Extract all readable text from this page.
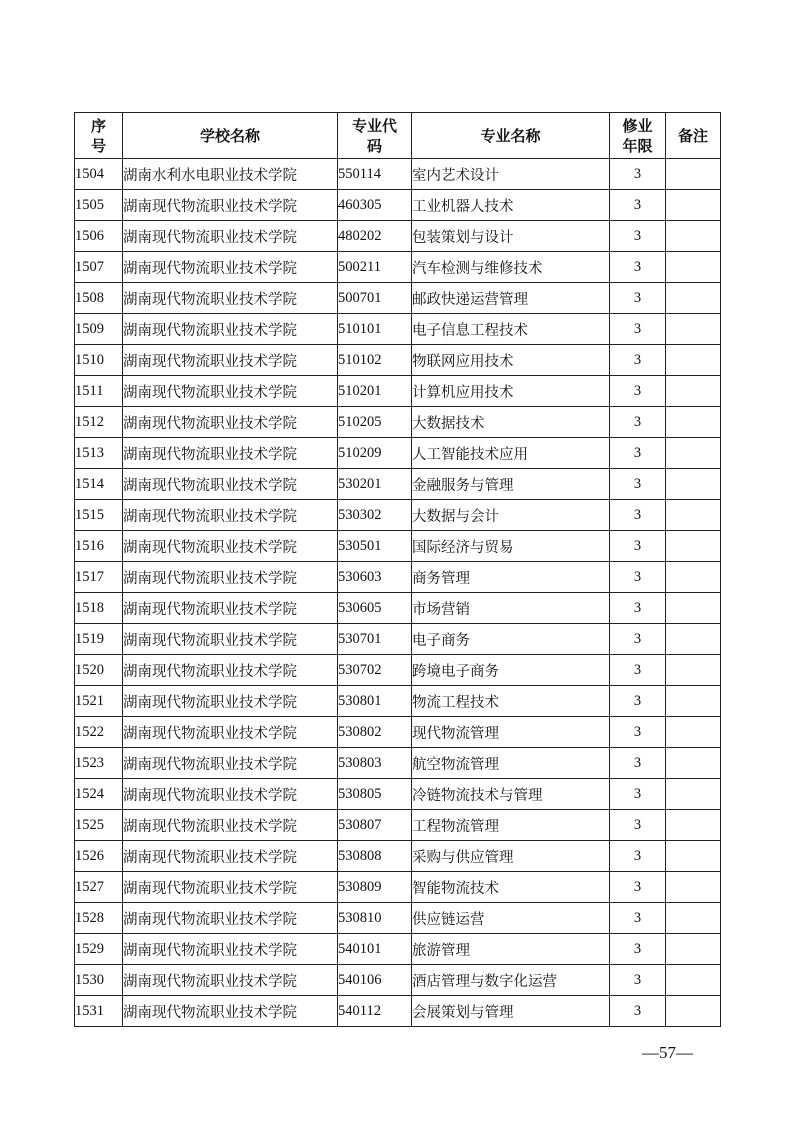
序号	学校名称	专业代码	专业名称	修业年限	备注
1504	湖南水利水电职业技术学院	550114	室内艺术设计	3	
1505	湖南现代物流职业技术学院	460305	工业机器人技术	3	
1506	湖南现代物流职业技术学院	480202	包装策划与设计	3	
1507	湖南现代物流职业技术学院	500211	汽车检测与维修技术	3	
1508	湖南现代物流职业技术学院	500701	邮政快递运营管理	3	
1509	湖南现代物流职业技术学院	510101	电子信息工程技术	3	
1510	湖南现代物流职业技术学院	510102	物联网应用技术	3	
1511	湖南现代物流职业技术学院	510201	计算机应用技术	3	
1512	湖南现代物流职业技术学院	510205	大数据技术	3	
1513	湖南现代物流职业技术学院	510209	人工智能技术应用	3	
1514	湖南现代物流职业技术学院	530201	金融服务与管理	3	
1515	湖南现代物流职业技术学院	530302	大数据与会计	3	
1516	湖南现代物流职业技术学院	530501	国际经济与贸易	3	
1517	湖南现代物流职业技术学院	530603	商务管理	3	
1518	湖南现代物流职业技术学院	530605	市场营销	3	
1519	湖南现代物流职业技术学院	530701	电子商务	3	
1520	湖南现代物流职业技术学院	530702	跨境电子商务	3	
1521	湖南现代物流职业技术学院	530801	物流工程技术	3	
1522	湖南现代物流职业技术学院	530802	现代物流管理	3	
1523	湖南现代物流职业技术学院	530803	航空物流管理	3	
1524	湖南现代物流职业技术学院	530805	冷链物流技术与管理	3	
1525	湖南现代物流职业技术学院	530807	工程物流管理	3	
1526	湖南现代物流职业技术学院	530808	采购与供应管理	3	
1527	湖南现代物流职业技术学院	530809	智能物流技术	3	
1528	湖南现代物流职业技术学院	530810	供应链运营	3	
1529	湖南现代物流职业技术学院	540101	旅游管理	3	
1530	湖南现代物流职业技术学院	540106	酒店管理与数字化运营	3	
1531	湖南现代物流职业技术学院	540112	会展策划与管理	3	
—57—
